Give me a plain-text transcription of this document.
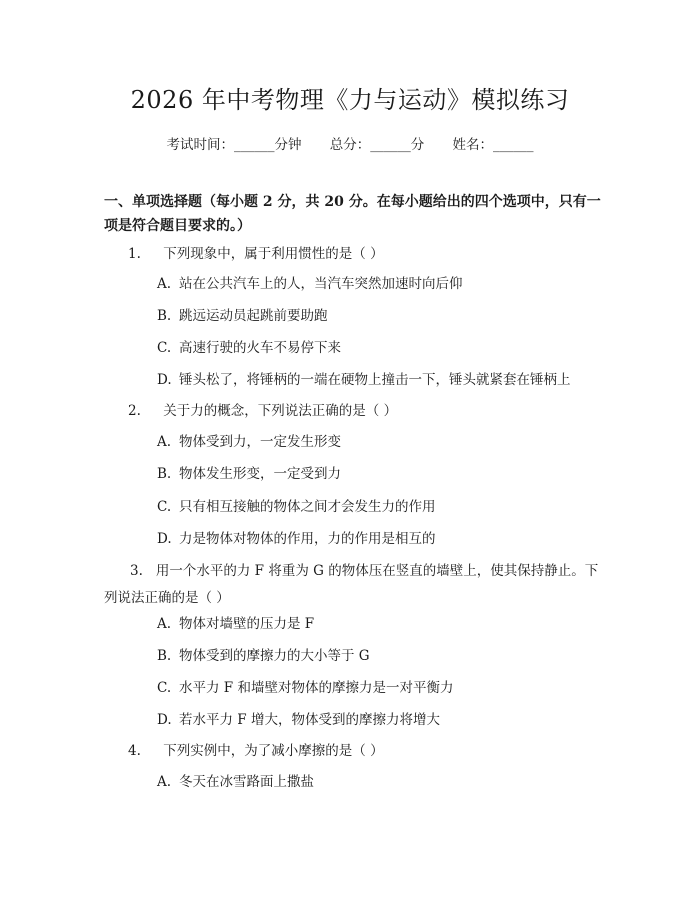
2026 年中考物理《力与运动》模拟练习
考试时间：______分钟 总分：______分 姓名：______
一、单项选择题（每小题 2 分，共 20 分。在每小题给出的四个选项中，只有一项是符合题目要求的。）
1. 下列现象中，属于利用惯性的是（ ）
A. 站在公共汽车上的人，当汽车突然加速时向后仰
B. 跳远运动员起跳前要助跑
C. 高速行驶的火车不易停下来
D. 锤头松了，将锤柄的一端在硬物上撞击一下，锤头就紧套在锤柄上
2. 关于力的概念，下列说法正确的是（ ）
A. 物体受到力，一定发生形变
B. 物体发生形变，一定受到力
C. 只有相互接触的物体之间才会发生力的作用
D. 力是物体对物体的作用，力的作用是相互的
3. 用一个水平的力 F 将重为 G 的物体压在竖直的墙壁上，使其保持静止。下列说法正确的是（ ）
A. 物体对墙壁的压力是 F
B. 物体受到的摩擦力的大小等于 G
C. 水平力 F 和墙壁对物体的摩擦力是一对平衡力
D. 若水平力 F 增大，物体受到的摩擦力将增大
4. 下列实例中，为了减小摩擦的是（ ）
A. 冬天在冰雪路面上撒盐
